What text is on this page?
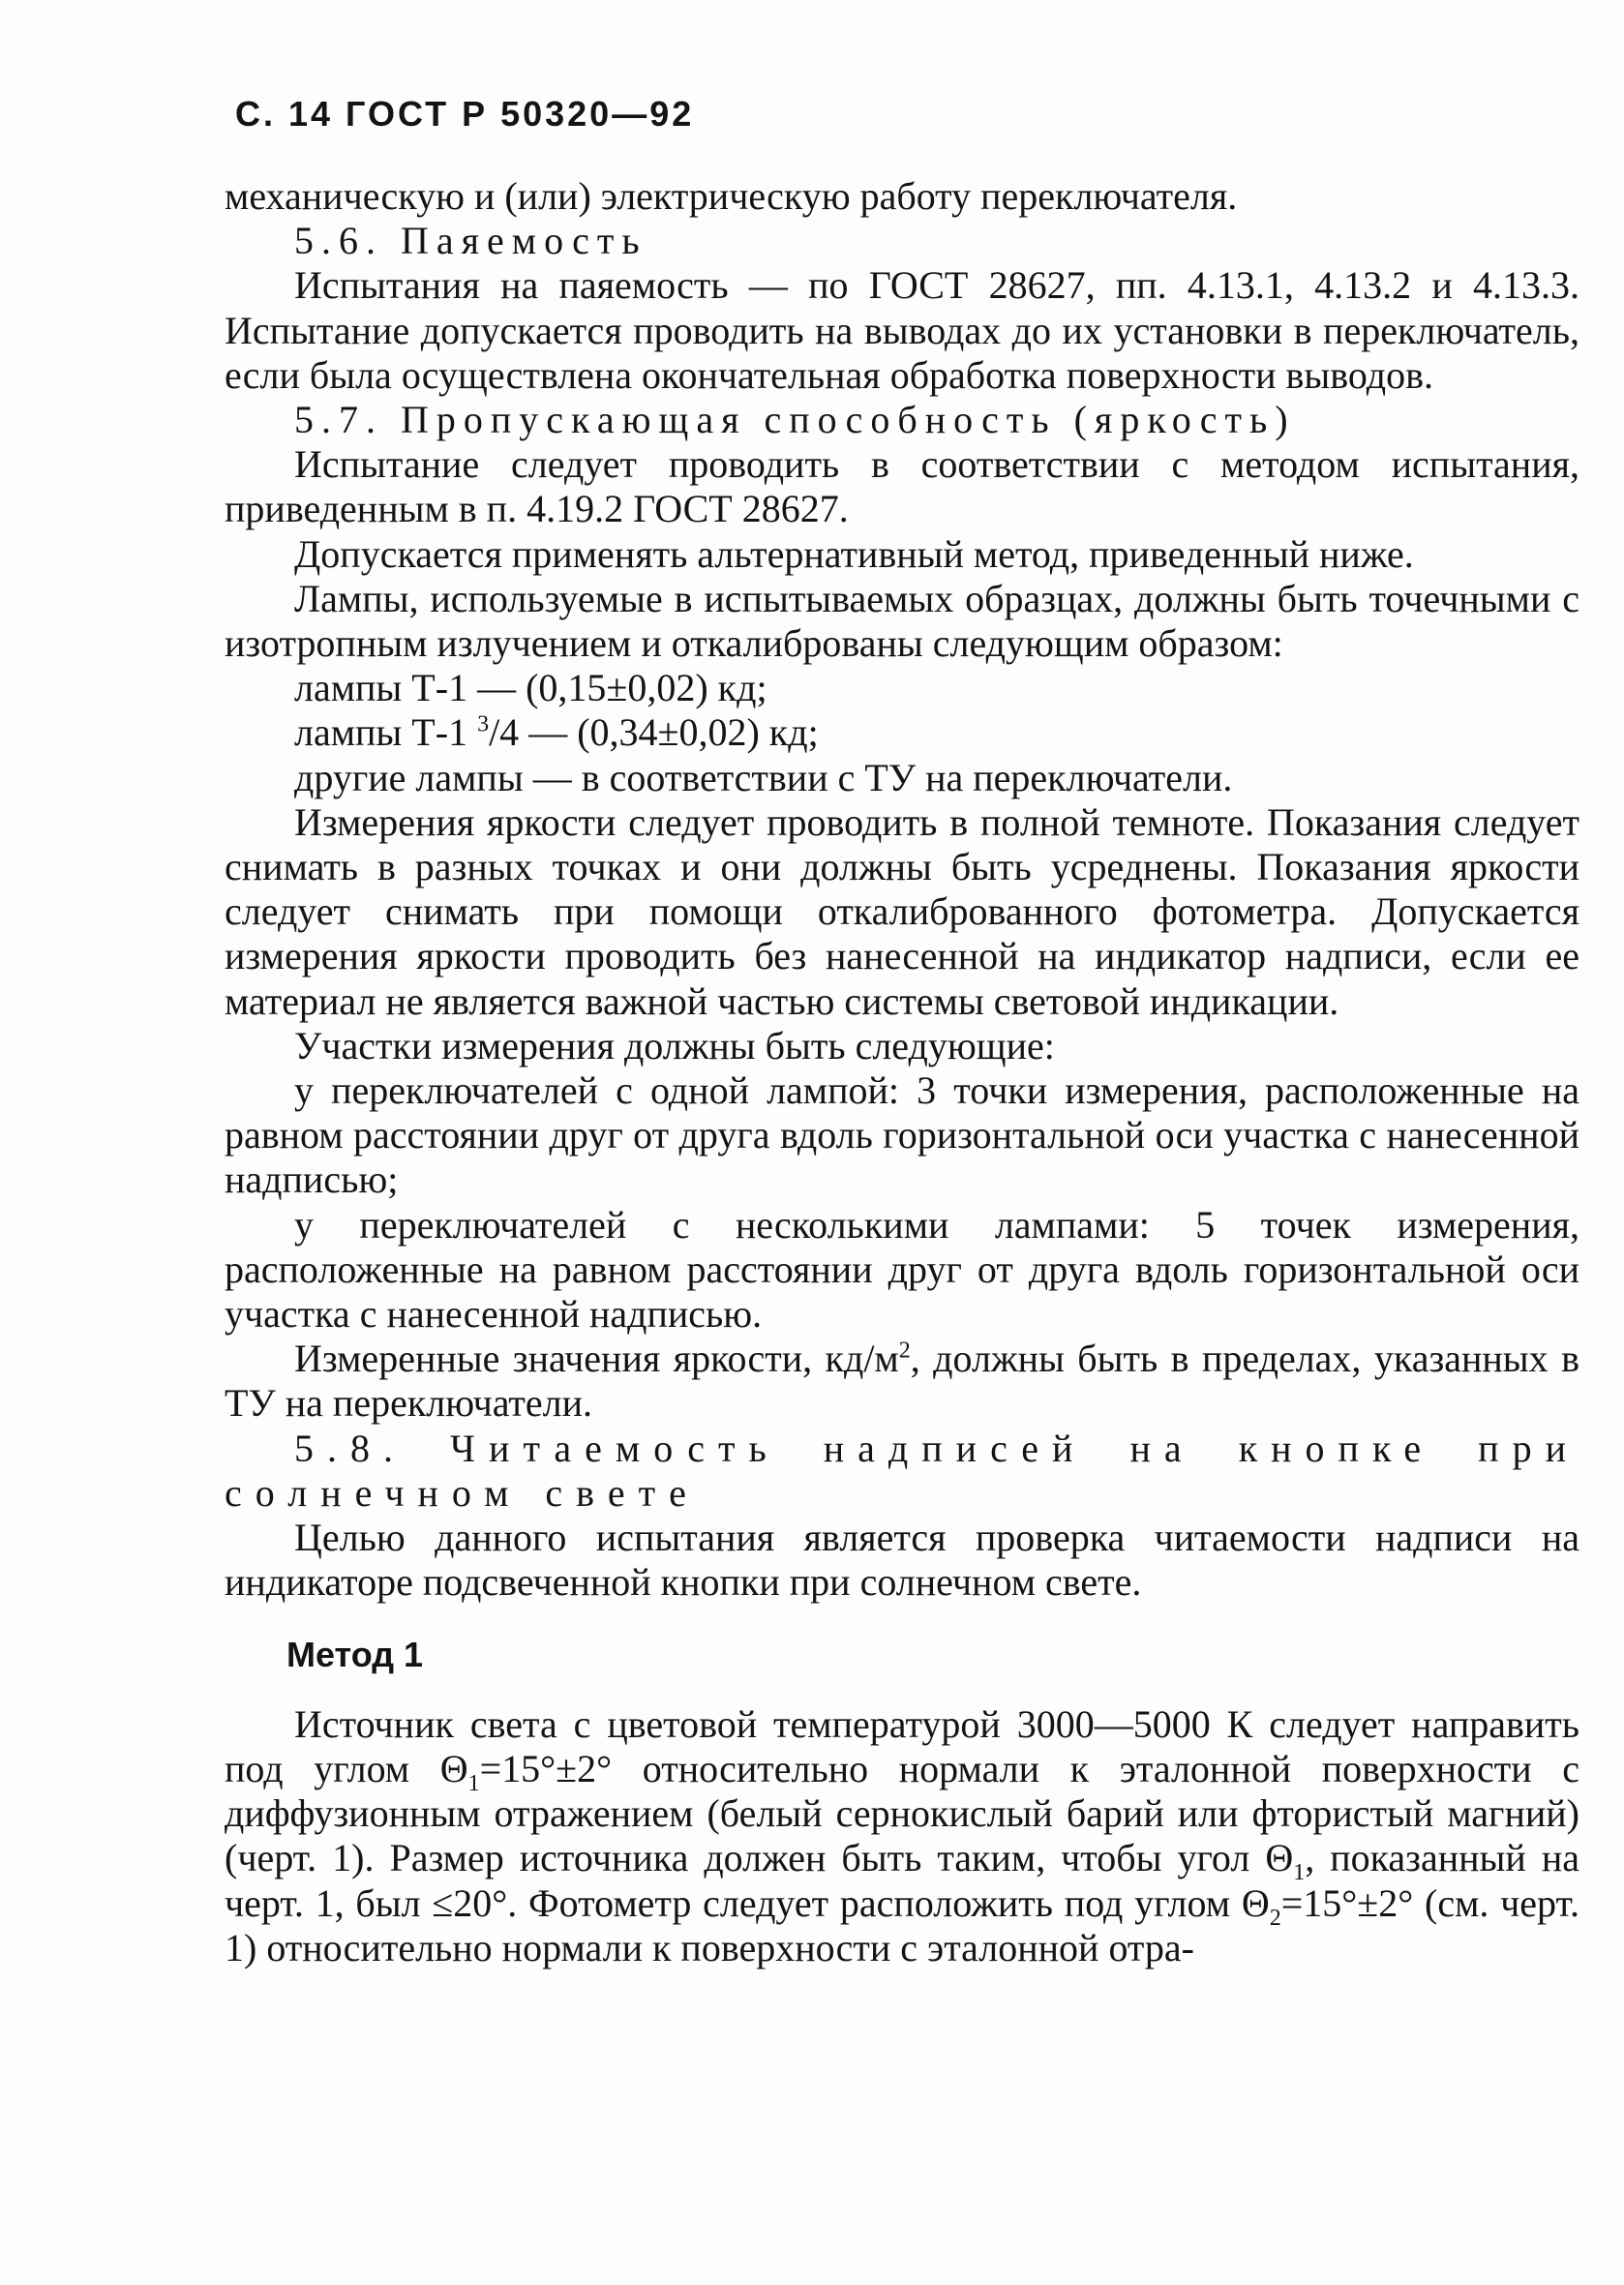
С. 14 ГОСТ Р 50320—92

механическую и (или) электрическую работу переключателя.

5.6. Паяемость

Испытания на паяемость — по ГОСТ 28627, пп. 4.13.1, 4.13.2 и 4.13.3. Испытание допускается проводить на выводах до их установки в переключатель, если была осуществлена окончательная обработка поверхности выводов.

5.7. Пропускающая способность (яркость)

Испытание следует проводить в соответствии с методом испытания, приведенным в п. 4.19.2 ГОСТ 28627.

Допускается применять альтернативный метод, приведенный ниже.

Лампы, используемые в испытываемых образцах, должны быть точечными с изотропным излучением и откалиброваны следующим образом:

лампы Т-1 — (0,15±0,02) кд;

лампы Т-1 $^3$/4 — (0,34±0,02) кд;

другие лампы — в соответствии с ТУ на переключатели.

Измерения яркости следует проводить в полной темноте. Показания следует снимать в разных точках и они должны быть усреднены. Показания яркости следует снимать при помощи откалиброванного фотометра. Допускается измерения яркости проводить без нанесенной на индикатор надписи, если ее материал не является важной частью системы световой индикации.

Участки измерения должны быть следующие:

у переключателей с одной лампой: 3 точки измерения, расположенные на равном расстоянии друг от друга вдоль горизонтальной оси участка с нанесенной надписью;

у переключателей с несколькими лампами: 5 точек измерения, расположенные на равном расстоянии друг от друга вдоль горизонтальной оси участка с нанесенной надписью.

Измеренные значения яркости, $кд/м^2$, должны быть в пределах, указанных в ТУ на переключатели.

5.8. Читаемость надписей на кнопке при солнечном свете

Целью данного испытания является проверка читаемости надписи на индикаторе подсвеченной кнопки при солнечном свете.

Метод 1

Источник света с цветовой температурой 3000—5000 К следует направить под углом $\Theta_1=15^\circ\pm 2^\circ$ относительно нормали к эталонной поверхности с диффузионным отражением (белый сернокислый барий или фтористый магний) (черт. 1). Размер источника должен быть таким, чтобы угол $\Theta_1$, показанный на черт. 1, был ≤20°. Фотометр следует расположить под углом $\Theta_2=15^\circ\pm 2^\circ$ (см. черт. 1) относительно нормали к поверхности с эталонной отра-
